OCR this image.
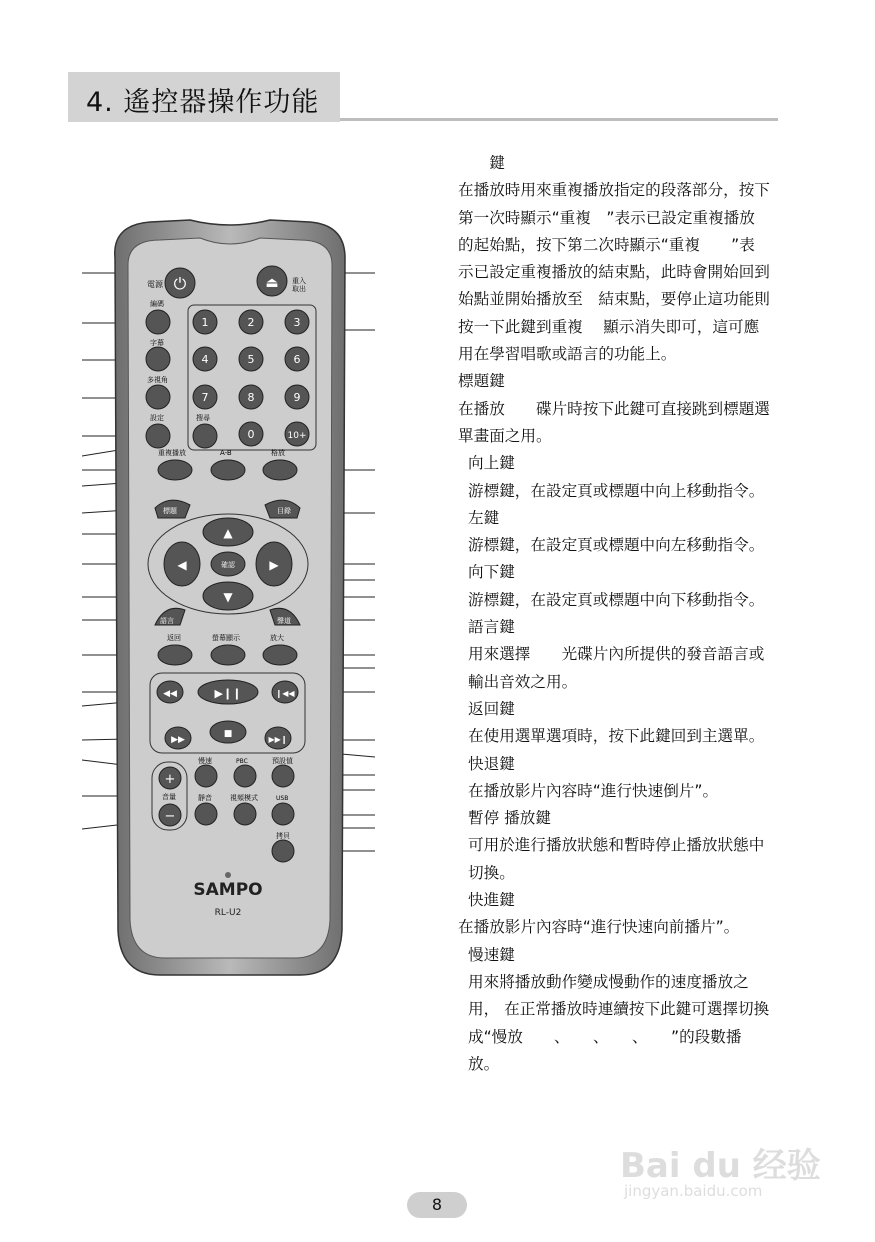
4. 遙控器操作功能
⏻
電源	⏏ 重入
取出
編碼
字幕
多視角
設定	搜尋
1	2	3
4	5	6
7	8	9
0	10+
重複播放	A-B	格放
標題	目錄
▲
▼
◀	▶
確認
語言	聲道
返回	螢幕顯示	放大
◀◀	▶❙❙	❙◀◀
▶▶
■
▶▶❙
+
音量
−
慢速	PBC	預設值
靜音	視頻模式	USB
拷貝
SAMPO
RL-U2

　　鍵

在播放時用來重複播放指定的段落部分，按下

第一次時顯示“重複　”表示已設定重複播放

的起始點，按下第二次時顯示“重複　　”表

示已設定重複播放的結束點，此時會開始回到

始點並開始播放至　結束點，要停止這功能則

按一下此鍵到重複　 顯示消失即可，這可應

用在學習唱歌或語言的功能上。

標題鍵

在播放　　碟片時按下此鍵可直接跳到標題選

單畫面之用。

向上鍵

游標鍵，在設定頁或標題中向上移動指令。

左鍵

游標鍵，在設定頁或標題中向左移動指令。

向下鍵

游標鍵，在設定頁或標題中向下移動指令。

語言鍵

用來選擇　　光碟片內所提供的發音語言或

輸出音效之用。

返回鍵

在使用選單選項時，按下此鍵回到主選單。

快退鍵

在播放影片內容時“進行快速倒片”。

暫停 播放鍵

可用於進行播放狀態和暫時停止播放狀態中

切換。

快進鍵

在播放影片內容時“進行快速向前播片”。

慢速鍵

用來將播放動作變成慢動作的速度播放之

用， 在正常播放時連續按下此鍵可選擇切換

成“慢放　　、　　、　　、　　”的段數播

放。

Bai du 经验
jingyan.baidu.com
8
